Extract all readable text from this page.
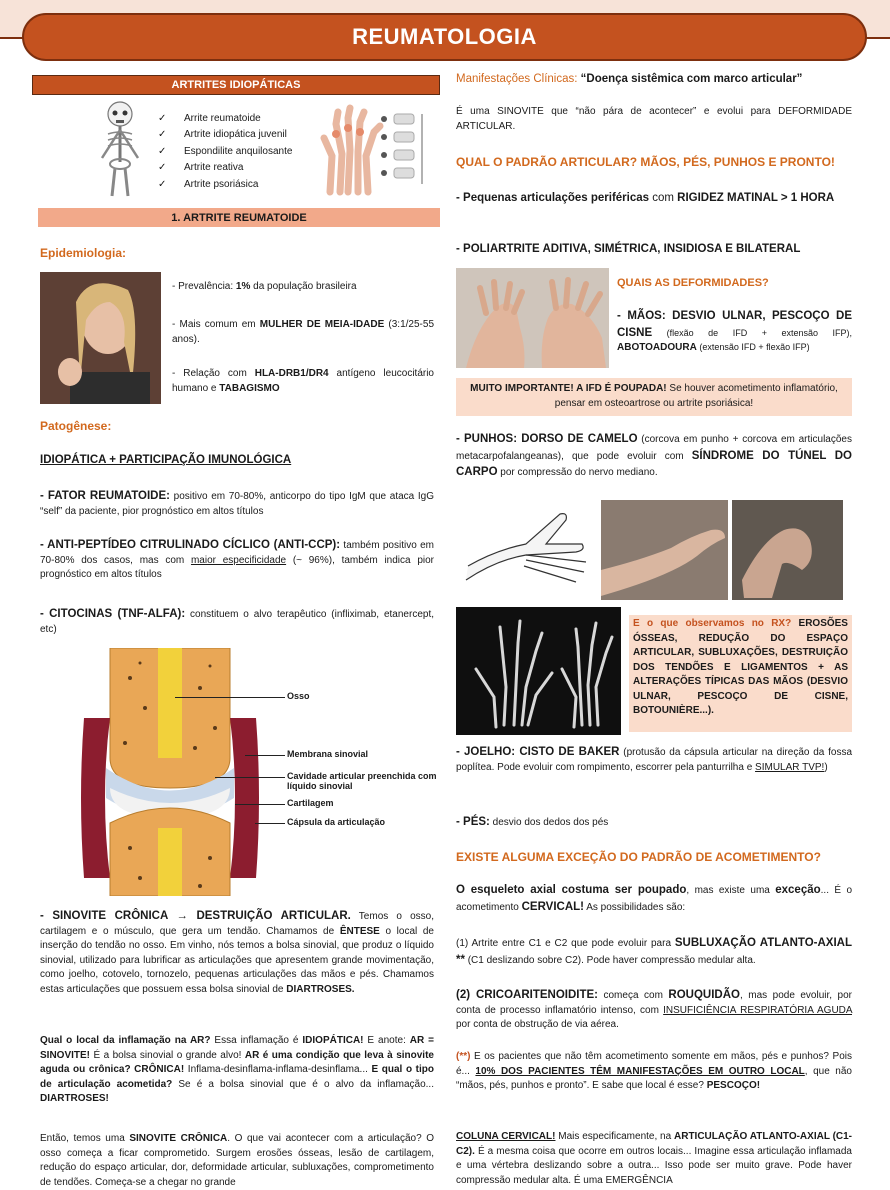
REUMATOLOGIA
ARTRITES IDIOPÁTICAS
✓	Arrite reumatoide
✓	Artrite idiopática juvenil
✓	Espondilite anquilosante
✓	Artrite reativa
✓	Artrite psoriásica
1. ARTRITE REUMATOIDE
Epidemiologia:

- Prevalência: 1% da população brasileira

- Mais comum em MULHER DE MEIA-IDADE (3:1/25-55 anos).

- Relação com HLA-DRB1/DR4 antígeno leucocitário humano e TABAGISMO

Patogênese:
IDIOPÁTICA + PARTICIPAÇÃO IMUNOLÓGICA

- FATOR REUMATOIDE: positivo em 70-80%, anticorpo do tipo IgM que ataca IgG “self” da paciente, pior prognóstico em altos títulos

- ANTI-PEPTÍDEO CITRULINADO CÍCLICO (ANTI-CCP): também positivo em 70-80% dos casos, mas com maior especificidade (~ 96%), também indica pior prognóstico em altos títulos

- CITOCINAS (TNF-ALFA): constituem o alvo terapêutico (infliximab, etanercept, etc)

Osso
Membrana sinovial
Cavidade articular preenchida com líquido sinovial
Cartilagem
Cápsula da articulação

- SINOVITE CRÔNICA → DESTRUIÇÃO ARTICULAR. Temos o osso, cartilagem e o músculo, que gera um tendão. Chamamos de ÊNTESE o local de inserção do tendão no osso. Em vinho, nós temos a bolsa sinovial, que produz o líquido sinovial, utilizado para lubrificar as articulações que apresentem grande movimentação, como joelho, cotovelo, tornozelo, pequenas articulações das mãos e pés. Chamamos estas articulações que possuem essa bolsa sinovial de DIARTROSES.

Qual o local da inflamação na AR? Essa inflamação é IDIOPÁTICA! E anote: AR = SINOVITE! É a bolsa sinovial o grande alvo! AR é uma condição que leva à sinovite aguda ou crônica? CRÔNICA! Inflama-desinflama-inflama-desinflama... E qual o tipo de articulação acometida? Se é a bolsa sinovial que é o alvo da inflamação... DIARTROSES!

Então, temos uma SINOVITE CRÔNICA. O que vai acontecer com a articulação? O osso começa a ficar comprometido. Surgem erosões ósseas, lesão de cartilagem, redução do espaço articular, dor, deformidade articular, subluxações, comprometimento de tendões. Começa-se a chegar no grande

Manifestações Clínicas: “Doença sistêmica com marco articular”

É uma SINOVITE que “não pára de acontecer” e evolui para DEFORMIDADE ARTICULAR.

QUAL O PADRÃO ARTICULAR? MÃOS, PÉS, PUNHOS E PRONTO!

- Pequenas articulações periféricas com RIGIDEZ MATINAL > 1 HORA

- POLIARTRITE ADITIVA, SIMÉTRICA, INSIDIOSA E BILATERAL
QUAIS AS DEFORMIDADES?

- MÃOS: DESVIO ULNAR, PESCOÇO DE CISNE (flexão de IFD + extensão IFP), ABOTOADOURA (extensão IFD + flexão IFP)

MUITO IMPORTANTE! A IFD É POUPADA! Se houver acometimento inflamatório, pensar em osteoartrose ou artrite psoriásica!

- PUNHOS: DORSO DE CAMELO (corcova em punho + corcova em articulações metacarpofalangeanas), que pode evoluir com SÍNDROME DO TÚNEL DO CARPO por compressão do nervo mediano.

E o que observamos no RX? EROSÕES ÓSSEAS, REDUÇÃO DO ESPAÇO ARTICULAR, SUBLUXAÇÕES, DESTRUIÇÃO DOS TENDÕES E LIGAMENTOS + AS ALTERAÇÕES TÍPICAS DAS MÃOS (DESVIO ULNAR, PESCOÇO DE CISNE, BOTOUNIÈRE...).

- JOELHO: CISTO DE BAKER (protusão da cápsula articular na direção da fossa poplítea. Pode evoluir com rompimento, escorrer pela panturrilha e SIMULAR TVP!)

- PÉS: desvio dos dedos dos pés

EXISTE ALGUMA EXCEÇÃO DO PADRÃO DE ACOMETIMENTO?

O esqueleto axial costuma ser poupado, mas existe uma exceção... É o acometimento CERVICAL! As possibilidades são:

(1) Artrite entre C1 e C2 que pode evoluir para SUBLUXAÇÃO ATLANTO-AXIAL ** (C1 deslizando sobre C2). Pode haver compressão medular alta.

(2) CRICOARITENOIDITE: começa com ROUQUIDÃO, mas pode evoluir, por conta de processo inflamatório intenso, com INSUFICIÊNCIA RESPIRATÓRIA AGUDA por conta de obstrução de via aérea.

(**) E os pacientes que não têm acometimento somente em mãos, pés e punhos? Pois é... 10% DOS PACIENTES TÊM MANIFESTAÇÕES EM OUTRO LOCAL, que não “mãos, pés, punhos e pronto”. E sabe que local é esse? PESCOÇO!

COLUNA CERVICAL! Mais especificamente, na ARTICULAÇÃO ATLANTO-AXIAL (C1-C2). É a mesma coisa que ocorre em outros locais... Imagine essa articulação inflamada e uma vértebra deslizando sobre a outra... Isso pode ser muito grave. Pode haver compressão medular alta. É uma EMERGÊNCIA
